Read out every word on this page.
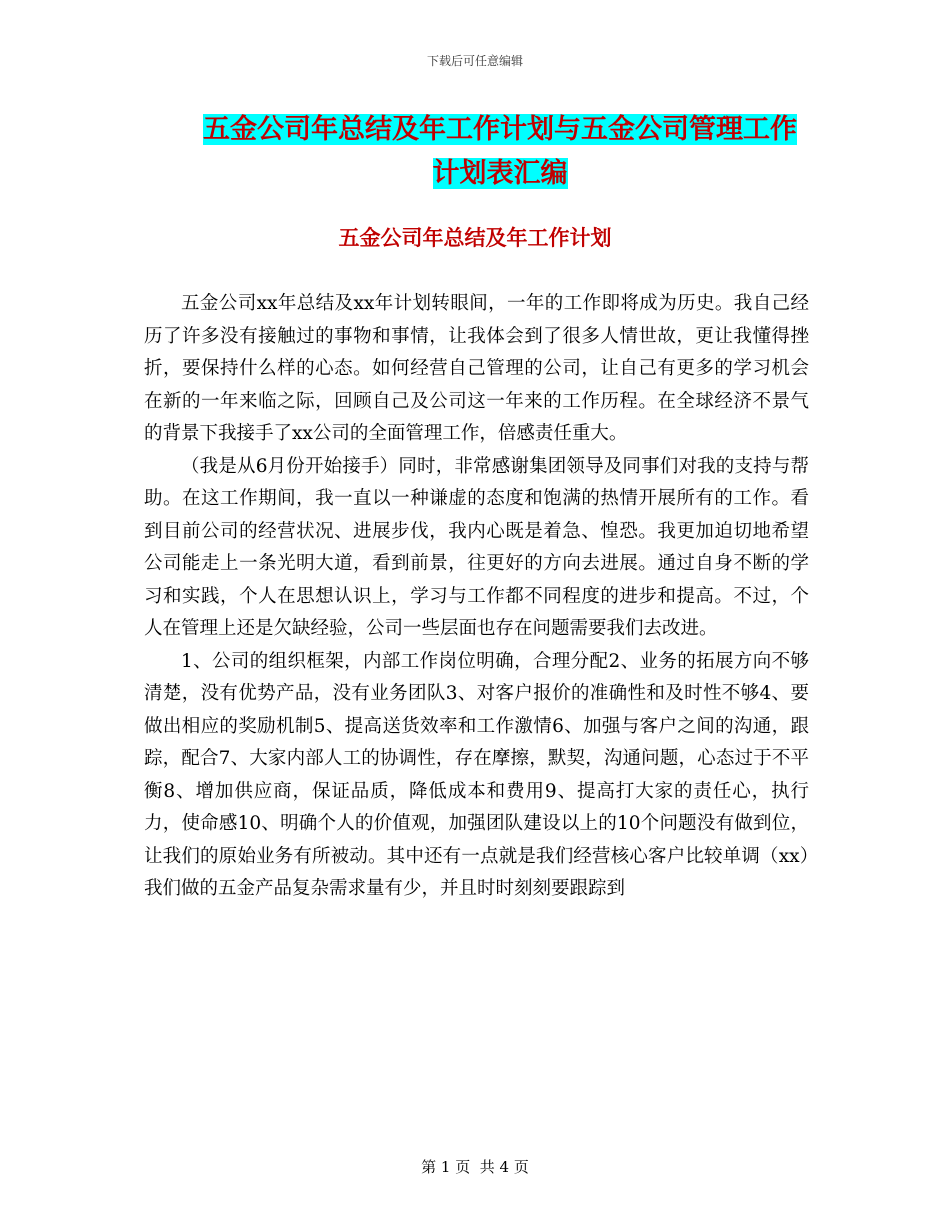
下载后可任意编辑
五金公司年总结及年工作计划与五金公司管理工作计划表汇编
五金公司年总结及年工作计划

五金公司xx年总结及xx年计划转眼间，一年的工作即将成为历史。我自己经历了许多没有接触过的事物和事情，让我体会到了很多人情世故，更让我懂得挫折，要保持什么样的心态。如何经营自己管理的公司，让自己有更多的学习机会在新的一年来临之际，回顾自己及公司这一年来的工作历程。在全球经济不景气的背景下我接手了xx公司的全面管理工作，倍感责任重大。

（我是从6月份开始接手）同时，非常感谢集团领导及同事们对我的支持与帮助。在这工作期间，我一直以一种谦虚的态度和饱满的热情开展所有的工作。看到目前公司的经营状况、进展步伐，我内心既是着急、惶恐。我更加迫切地希望公司能走上一条光明大道，看到前景，往更好的方向去进展。通过自身不断的学习和实践，个人在思想认识上，学习与工作都不同程度的进步和提高。不过，个人在管理上还是欠缺经验，公司一些层面也存在问题需要我们去改进。

1、公司的组织框架，内部工作岗位明确，合理分配2、业务的拓展方向不够清楚，没有优势产品，没有业务团队3、对客户报价的准确性和及时性不够4、要做出相应的奖励机制5、提高送货效率和工作激情6、加强与客户之间的沟通，跟踪，配合7、大家内部人工的协调性，存在摩擦，默契，沟通问题，心态过于不平衡8、增加供应商，保证品质，降低成本和费用9、提高打大家的责任心，执行力，使命感10、明确个人的价值观，加强团队建设以上的10个问题没有做到位，让我们的原始业务有所被动。其中还有一点就是我们经营核心客户比较单调（xx）我们做的五金产品复杂需求量有少，并且时时刻刻要跟踪到

第 1 页  共 4 页
